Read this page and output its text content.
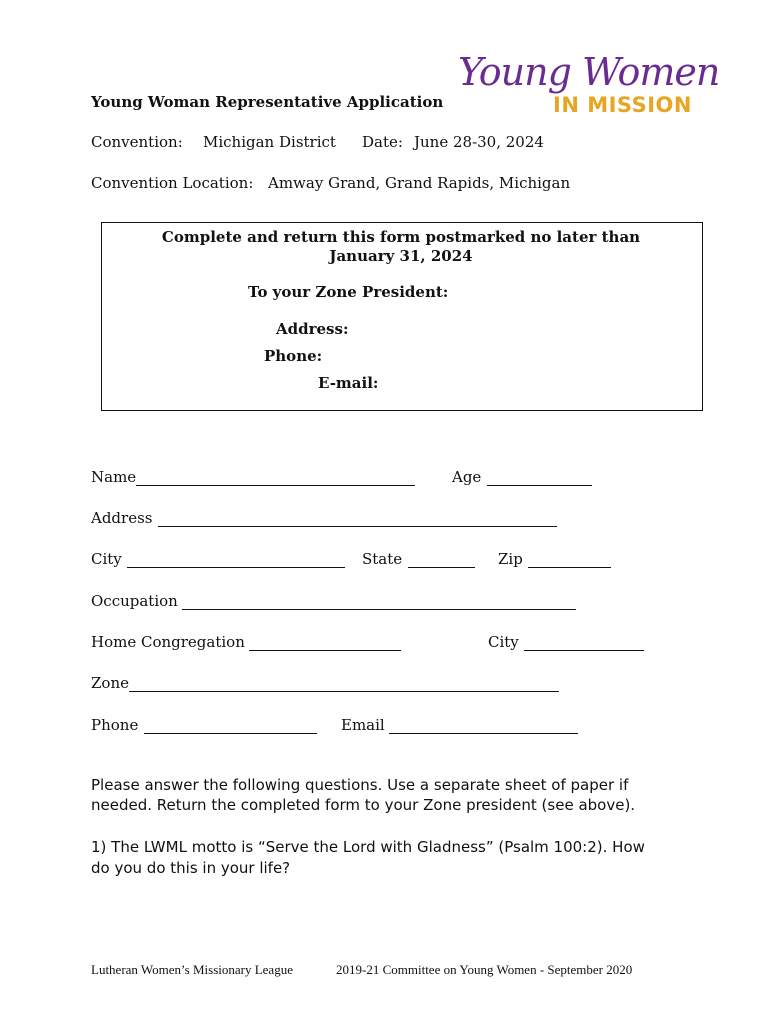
Young Women
IN MISSION
Young Woman Representative Application
Convention: Michigan District Date: June 28-30, 2024
Convention Location: Amway Grand, Grand Rapids, Michigan
Complete and return this form postmarked no later than
January 31, 2024
To your Zone President:
Address:
Phone:
E-mail:
Name	Age
Address
City	State	Zip
Occupation
Home Congregation	City
Zone
Phone	Email
Please answer the following questions. Use a separate sheet of paper if
needed. Return the completed form to your Zone president (see above).
1) The LWML motto is “Serve the Lord with Gladness” (Psalm 100:2). How
do you do this in your life?
Lutheran Women’s Missionary League	2019-21 Committee on Young Women - September 2020
